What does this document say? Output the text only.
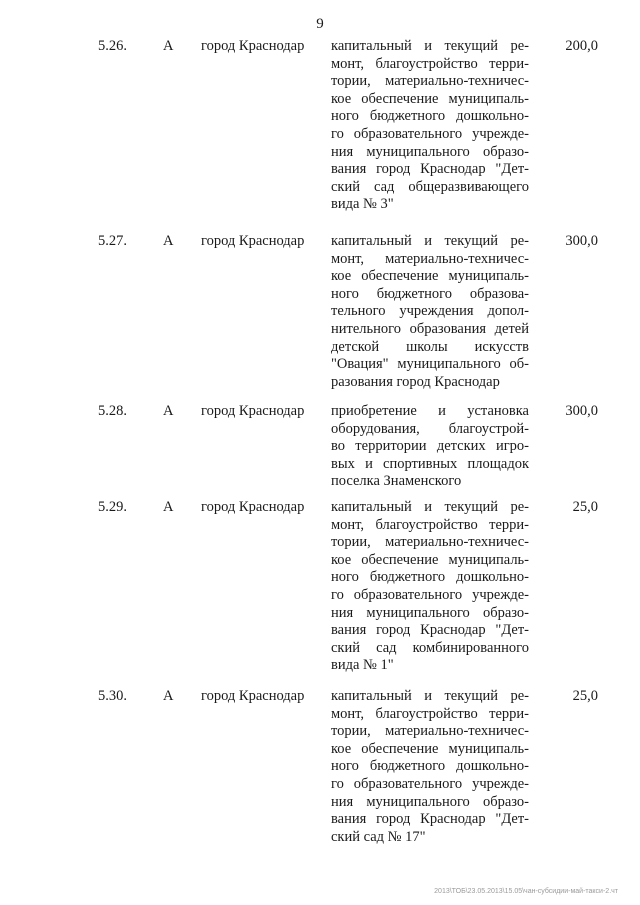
9
5.26. А город Краснодар капитальный и текущий ре-
монт, благоустройство терри-
тории, материально-техничес-
кое обеспечение муниципаль-
ного бюджетного дошкольно-
го образовательного учрежде-
ния муниципального образо-
вания город Краснодар "Дет-
ский сад общеразвивающего
вида № 3"
200,0
5.27. А город Краснодар капитальный и текущий ре-
монт, материально-техничес-
кое обеспечение муниципаль-
ного бюджетного образова-
тельного учреждения допол-
нительного образования детей
детской школы искусств
"Овация" муниципального об-
разования город Краснодар
300,0
5.28. А город Краснодар приобретение и установка
оборудования, благоустрой-
во территории детских игро-
вых и спортивных площадок
поселка Знаменского
300,0
5.29. А город Краснодар капитальный и текущий ре-
монт, благоустройство терри-
тории, материально-техничес-
кое обеспечение муниципаль-
ного бюджетного дошкольно-
го образовательного учрежде-
ния муниципального образо-
вания город Краснодар "Дет-
ский сад комбинированного
вида № 1"
25,0
5.30. А город Краснодар капитальный и текущий ре-
монт, благоустройство терри-
тории, материально-техничес-
кое обеспечение муниципаль-
ного бюджетного дошкольно-
го образовательного учрежде-
ния муниципального образо-
вания город Краснодар "Дет-
ский сад № 17"
25,0
2013\ТОБ\23.05.2013\15.05\чан-субсидии-май-такси-2.чт
